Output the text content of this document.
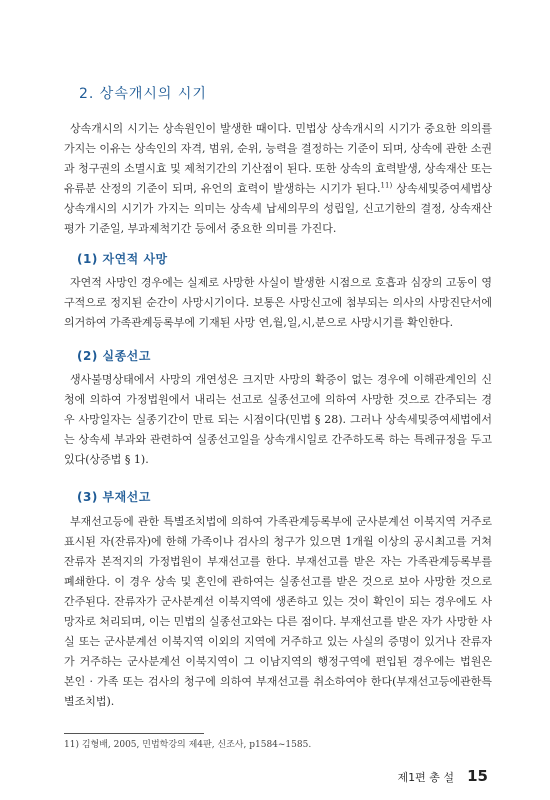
2. 상속개시의 시기

상속개시의 시기는 상속원인이 발생한 때이다. 민법상 상속개시의 시기가 중요한 의의를 가지는 이유는 상속인의 자격, 범위, 순위, 능력을 결정하는 기준이 되며, 상속에 관한 소권과 청구권의 소멸시효 및 제척기간의 기산점이 된다. 또한 상속의 효력발생, 상속재산 또는 유류분 산정의 기준이 되며, 유언의 효력이 발생하는 시기가 된다.$^{11)}$ 상속세및증여세법상 상속개시의 시기가 가지는 의미는 상속세 납세의무의 성립일, 신고기한의 결정, 상속재산평가 기준일, 부과제척기간 등에서 중요한 의미를 가진다.

(1) 자연적 사망

자연적 사망인 경우에는 실제로 사망한 사실이 발생한 시점으로 호흡과 심장의 고동이 영구적으로 정지된 순간이 사망시기이다. 보통은 사망신고에 첨부되는 의사의 사망진단서에 의거하여 가족관계등록부에 기재된 사망 연,월,일,시,분으로 사망시기를 확인한다.

(2) 실종선고

생사불명상태에서 사망의 개연성은 크지만 사망의 확증이 없는 경우에 이해관계인의 신청에 의하여 가정법원에서 내리는 선고로 실종선고에 의하여 사망한 것으로 간주되는 경우 사망일자는 실종기간이 만료 되는 시점이다(민법 § 28). 그러나 상속세및증여세법에서는 상속세 부과와 관련하여 실종선고일을 상속개시일로 간주하도록 하는 특례규정을 두고 있다(상증법 § 1).

(3) 부재선고

부재선고등에 관한 특별조치법에 의하여 가족관계등록부에 군사분계선 이북지역 거주로 표시된 자(잔류자)에 한해 가족이나 검사의 청구가 있으면 1개월 이상의 공시최고를 거쳐 잔류자 본적지의 가정법원이 부재선고를 한다. 부재선고를 받은 자는 가족관계등록부를 폐쇄한다. 이 경우 상속 및 혼인에 관하여는 실종선고를 받은 것으로 보아 사망한 것으로 간주된다. 잔류자가 군사분계선 이북지역에 생존하고 있는 것이 확인이 되는 경우에도 사망자로 처리되며, 이는 민법의 실종선고와는 다른 점이다. 부재선고를 받은 자가 사망한 사실 또는 군사분계선 이북지역 이외의 지역에 거주하고 있는 사실의 증명이 있거나 잔류자가 거주하는 군사분계선 이북지역이 그 이남지역의 행정구역에 편입된 경우에는 법원은 본인 · 가족 또는 검사의 청구에 의하여 부재선고를 취소하여야 한다(부재선고등에관한특별조치법).

11) 김형배, 2005, 민법학강의 제4판, 신조사, p1584~1585.

제1편 총 설 15
